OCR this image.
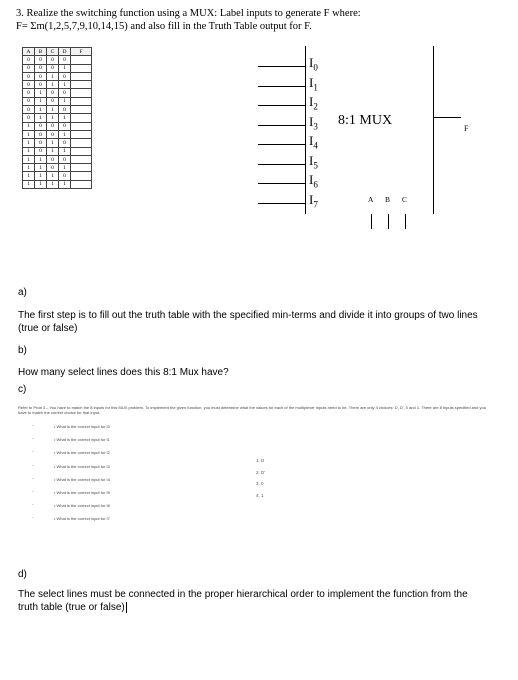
3. Realize the switching function using a MUX: Label inputs to generate F where:
F= Σm(1,2,5,7,9,10,14,15) and also fill in the Truth Table output for F.
A	B	C	D	F
0	0	0	0	
0	0	0	1	
0	0	1	0	
0	0	1	1	
0	1	0	0	
0	1	0	1	
0	1	1	0	
0	1	1	1	
1	0	0	0	
1	0	0	1	
1	0	1	0	
1	0	1	1	
1	1	0	0	
1	1	0	1	
1	1	1	0	
1	1	1	1	
8:1 MUX
$I_0$
$I_1$
$I_2$
$I_3$
$I_4$
$I_5$
$I_6$
$I_7$
F
A B C
a)
The first step is to fill out the truth table with the specified min-terms and divide it into groups of two lines (true or false)
b)
How many select lines does this 8:1 Mux have?
c)
Refer to Prob 3 – You have to match the 8 inputs for this MUX problem. To implement the given function, you must determine what the values for each of the multiplexer inputs need to be. There are only 4 choices: D, D', 0 and 1. There are 8 inputs specified and you have to match the correct choice for that input.
-	• What is the correct input for I0
-	• What is the correct input for I1
-	• What is the correct input for I2
-	• What is the correct input for I3
-	• What is the correct input for I4
-	• What is the correct input for I5
-	• What is the correct input for I6
-	• What is the correct input for I7
1. D
2. D'
3. 0
4. 1
d)
The select lines must be connected in the proper hierarchical order to implement the function from the truth table (true or false)
